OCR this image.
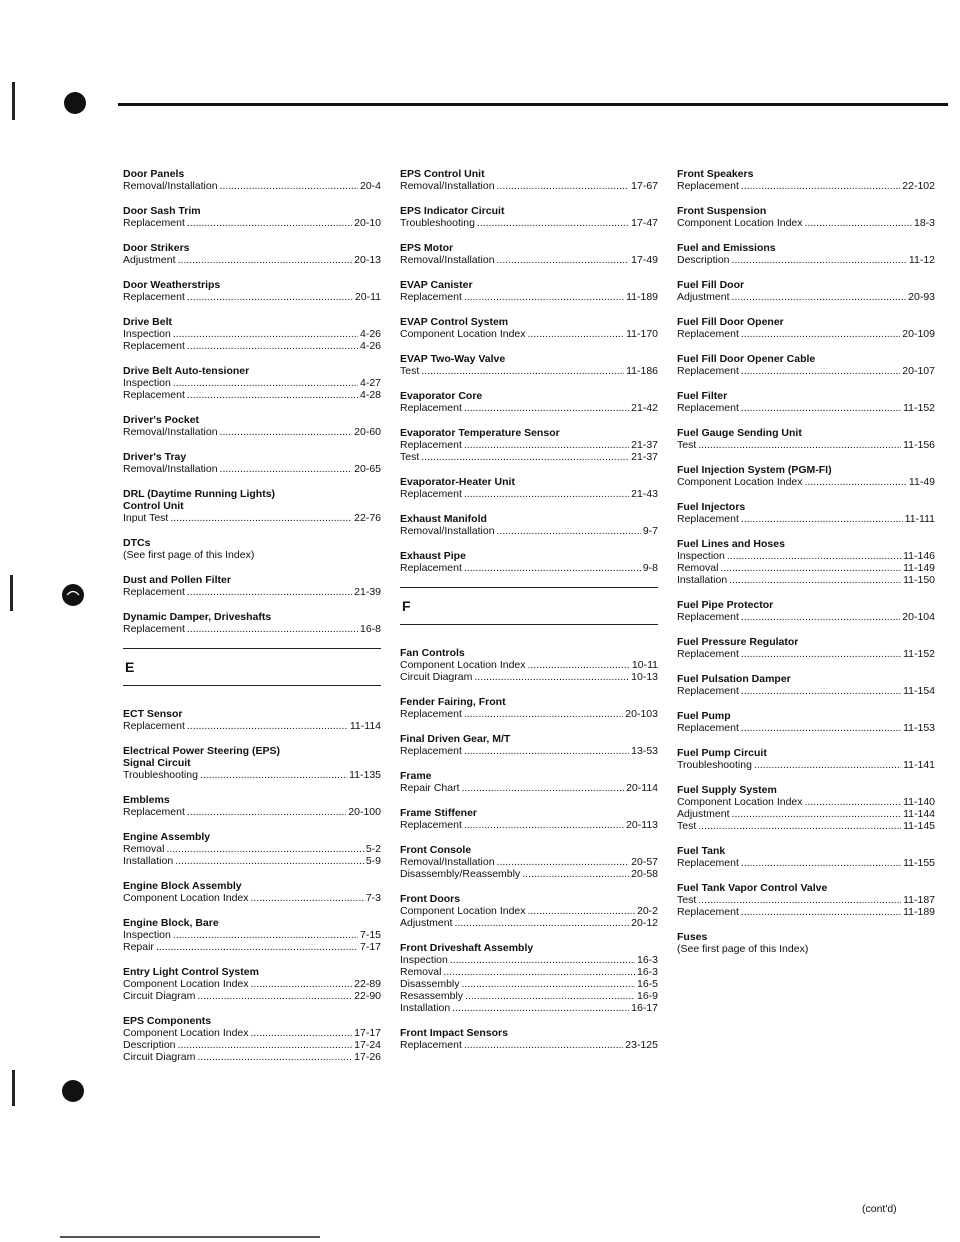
Door Panels
Removal/Installation .....	20-4
Door Sash Trim
Replacement .....	20-10
Door Strikers
Adjustment .....	20-13
Door Weatherstrips
Replacement .....	20-11
Drive Belt
Inspection .....	4-26
Replacement .....	4-26
Drive Belt Auto-tensioner
Inspection .....	4-27
Replacement .....	4-28
Driver's Pocket
Removal/Installation .....	20-60
Driver's Tray
Removal/Installation .....	20-65
DRL (Daytime Running Lights)
Control Unit
Input Test .....	22-76
DTCs
(See first page of this Index)
Dust and Pollen Filter
Replacement .....	21-39
Dynamic Damper, Driveshafts
Replacement .....	16-8
E
ECT Sensor
Replacement .....	11-114
Electrical Power Steering (EPS)
Signal Circuit
Troubleshooting .....	11-135
Emblems
Replacement .....	20-100
Engine Assembly
Removal .....	5-2
Installation .....	5-9
Engine Block Assembly
Component Location Index .....	7-3
Engine Block, Bare
Inspection .....	7-15
Repair .....	7-17
Entry Light Control System
Component Location Index .....	22-89
Circuit Diagram .....	22-90
EPS Components
Component Location Index .....	17-17
Description .....	17-24
Circuit Diagram .....	17-26
EPS Control Unit
Removal/Installation .....	17-67
EPS Indicator Circuit
Troubleshooting .....	17-47
EPS Motor
Removal/Installation .....	17-49
EVAP Canister
Replacement .....	11-189
EVAP Control System
Component Location Index .....	11-170
EVAP Two-Way Valve
Test .....	11-186
Evaporator Core
Replacement .....	21-42
Evaporator Temperature Sensor
Replacement .....	21-37
Test .....	21-37
Evaporator-Heater Unit
Replacement .....	21-43
Exhaust Manifold
Removal/Installation .....	9-7
Exhaust Pipe
Replacement .....	9-8
F
Fan Controls
Component Location Index .....	10-11
Circuit Diagram .....	10-13
Fender Fairing, Front
Replacement .....	20-103
Final Driven Gear, M/T
Replacement .....	13-53
Frame
Repair Chart .....	20-114
Frame Stiffener
Replacement .....	20-113
Front Console
Removal/Installation .....	20-57
Disassembly/Reassembly .....	20-58
Front Doors
Component Location Index .....	20-2
Adjustment .....	20-12
Front Driveshaft Assembly
Inspection .....	16-3
Removal .....	16-3
Disassembly .....	16-5
Resassembly .....	16-9
Installation .....	16-17
Front Impact Sensors
Replacement .....	23-125
Front Speakers
Replacement .....	22-102
Front Suspension
Component Location Index .....	18-3
Fuel and Emissions
Description .....	11-12
Fuel Fill Door
Adjustment .....	20-93
Fuel Fill Door Opener
Replacement .....	20-109
Fuel Fill Door Opener Cable
Replacement .....	20-107
Fuel Filter
Replacement .....	11-152
Fuel Gauge Sending Unit
Test .....	11-156
Fuel Injection System (PGM-FI)
Component Location Index .....	11-49
Fuel Injectors
Replacement .....	11-111
Fuel Lines and Hoses
Inspection .....	11-146
Removal .....	11-149
Installation .....	11-150
Fuel Pipe Protector
Replacement .....	20-104
Fuel Pressure Regulator
Replacement .....	11-152
Fuel Pulsation Damper
Replacement .....	11-154
Fuel Pump
Replacement .....	11-153
Fuel Pump Circuit
Troubleshooting .....	11-141
Fuel Supply System
Component Location Index .....	11-140
Adjustment .....	11-144
Test .....	11-145
Fuel Tank
Replacement .....	11-155
Fuel Tank Vapor Control Valve
Test .....	11-187
Replacement .....	11-189
Fuses
(See first page of this Index)
(cont'd)
